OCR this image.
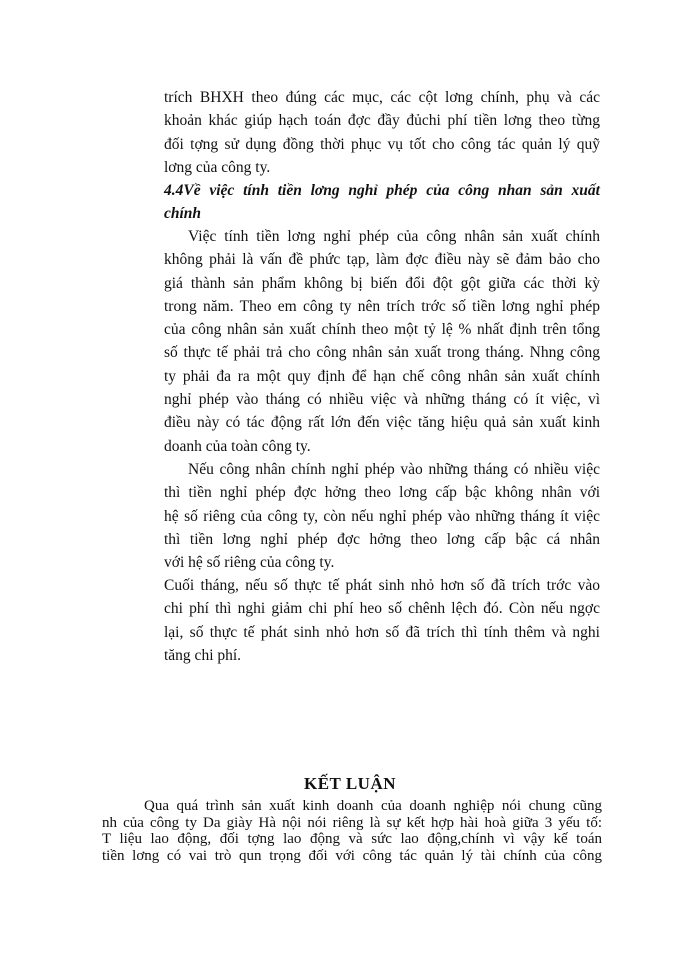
trích BHXH theo đúng các mục, các cột lơng chính, phụ và các
khoản khác giúp hạch toán đợc đầy đủchi phí tiền lơng theo từng
đối tợng sử dụng đồng thời phục vụ tốt cho công tác quản lý quỹ
lơng của công ty.
4.4Về việc tính tiền lơng nghỉ phép của công nhan sản xuất
chính
Việc tính tiền lơng nghỉ phép của công nhân sản xuất chính
không phải là vấn đề phức tạp, làm đợc điều này sẽ đảm bảo cho
giá thành sản phẩm không bị biến đổi đột gột giữa các thời kỳ
trong năm. Theo em công ty nên trích trớc số tiền lơng nghỉ phép
của công nhân sản xuất chính theo một tỷ lệ % nhất định trên tổng
số thực tế phải trả cho công nhân sản xuất trong tháng. Nhng công
ty phải đa ra một quy định để hạn chế công nhân sản xuất chính
nghỉ phép vào tháng có nhiều việc và những tháng có ít việc, vì
điều này có tác động rất lớn đến việc tăng hiệu quả sản xuất kinh
doanh của toàn công ty.
Nếu công nhân chính nghỉ phép vào những tháng có nhiều việc
thì tiền nghỉ phép đợc hởng theo lơng cấp bậc không nhân với
hệ số riêng của công ty, còn nếu nghỉ phép vào những tháng ít việc
thì tiền lơng nghỉ phép đợc hởng theo lơng cấp bậc cá nhân
với hệ số riêng của công ty.
Cuối tháng, nếu số thực tế phát sinh nhỏ hơn số đã trích trớc vào
chi phí thì nghi giảm chi phí heo số chênh lệch đó. Còn nếu ngợc
lại, số thực tế phát sinh nhỏ hơn số đã trích thì tính thêm và nghi
tăng chi phí.
KẾT LUẬN
Qua quá trình sản xuất kinh doanh của doanh nghiệp nói chung cũng
nh của công ty Da giày Hà nội nói riêng là sự kết hợp hài hoà giữa 3 yếu tố:
T liệu lao động, đối tợng lao động và sức lao động,chính vì vậy kế toán
tiền lơng có vai trò qun trọng đối với công tác quản lý tài chính của công
